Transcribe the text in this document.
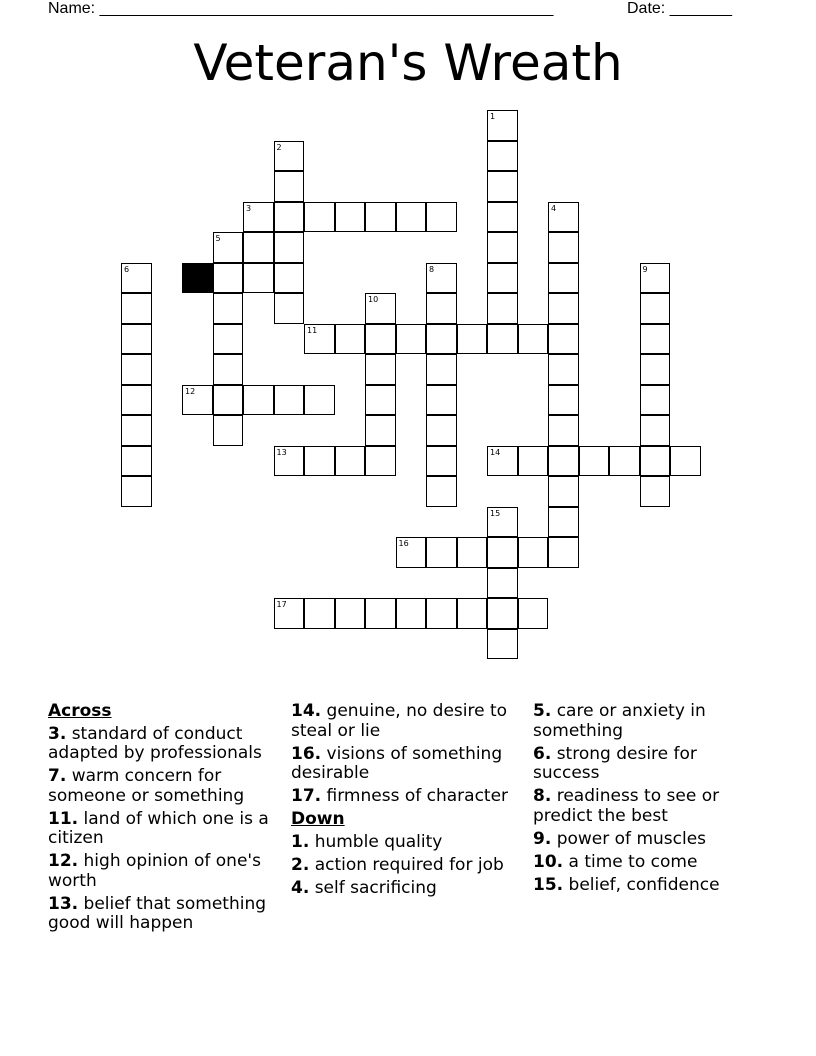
Name: ___________________________________________________	Date: _______
Veteran's Wreath
1
2
3	4
5
6	8	9
10
11
12
13	14
15
16
17
Across
3. standard of conduct adapted by professionals
7. warm concern for someone or something
11. land of which one is a citizen
12. high opinion of one's worth
13. belief that something good will happen
14. genuine, no desire to steal or lie
16. visions of something desirable
17. firmness of character
Down
1. humble quality
2. action required for job
4. self sacrificing
5. care or anxiety in something
6. strong desire for success
8. readiness to see or predict the best
9. power of muscles
10. a time to come
15. belief, confidence
